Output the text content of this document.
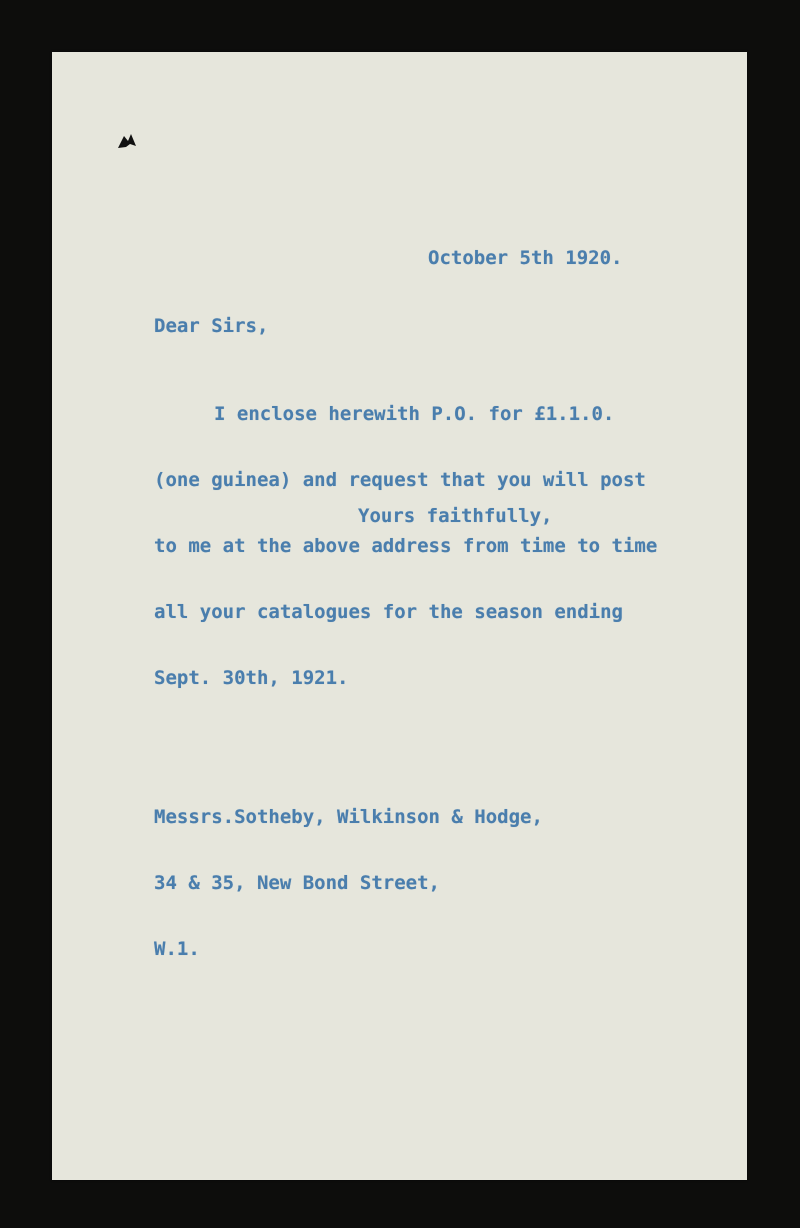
October 5th 1920.
Dear Sirs,

I enclose herewith P.O. for £1.1.0.

(one guinea) and request that you will post

to me at the above address from time to time

all your catalogues for the season ending

Sept. 30th, 1921.

Yours faithfully,

Messrs.Sotheby, Wilkinson & Hodge,

34 & 35, New Bond Street,

W.1.
